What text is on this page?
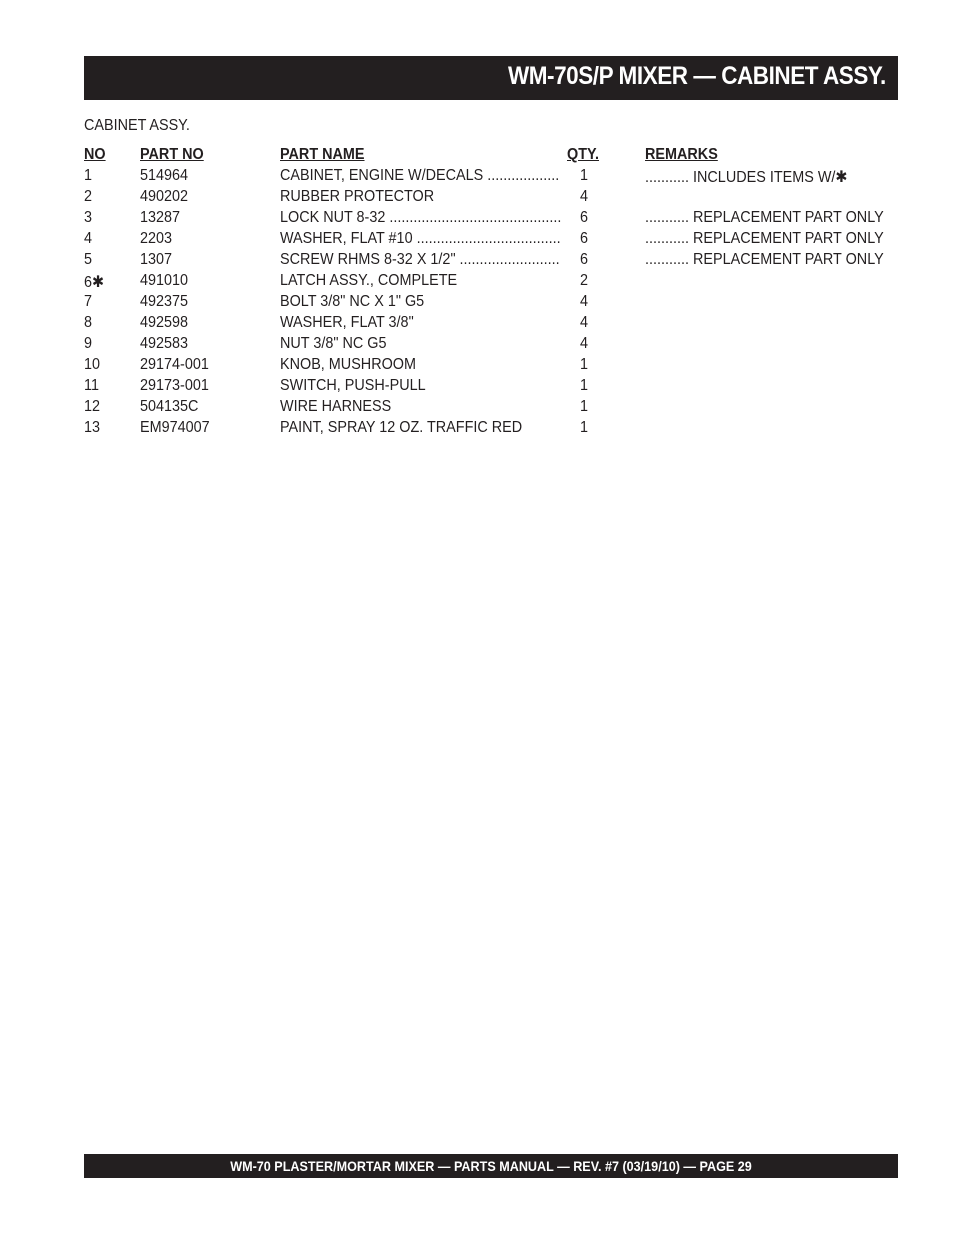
WM-70S/P MIXER — CABINET ASSY.
CABINET ASSY.
NO PART NO	PART NAME	QTY.	REMARKS
1	514964	CABINET, ENGINE W/DECALS .................. 1	........... INCLUDES ITEMS W/✱
2	490202	RUBBER PROTECTOR	4
3	13287	LOCK NUT 8-32 ........................................... 6	........... REPLACEMENT PART ONLY
4	2203	WASHER, FLAT #10 .................................... 6	........... REPLACEMENT PART ONLY
5	1307	SCREW RHMS 8-32 X 1/2" ......................... 6	........... REPLACEMENT PART ONLY
6✱ 491010	LATCH ASSY., COMPLETE	2
7	492375	BOLT 3/8" NC X 1" G5	4
8	492598	WASHER, FLAT 3/8"	4
9	492583	NUT 3/8" NC G5	4
10 29174-001	KNOB, MUSHROOM	1
11	29173-001	SWITCH, PUSH-PULL	1
12 504135C	WIRE HARNESS	1
13 EM974007	PAINT, SPRAY 12 OZ. TRAFFIC RED	1
WM-70 PLASTER/MORTAR MIXER — PARTS MANUAL — REV. #7 (03/19/10) — PAGE 29
